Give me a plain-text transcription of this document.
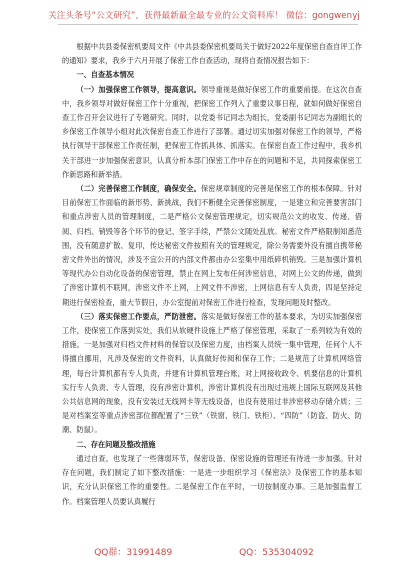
关注头条号“公文研究”，获得最新最全最专业的公文资料库！ 微信：gongwenyj

根据中共县委保密机要局文件《中共县委保密机要局关于做好2022年度保密自查自评工作的通知》要求，我乡于六月开展了保密工作自查活动，现将自查情况报告如下：

一、自查基本情况

（一）加强保密工作领导，提高意识。领导重视是做好保密工作的重要前提。在这次自查中，我乡领导对做好保密工作十分重视，把保密工作列入了重要议事日程，就如何做好保密自查工作召开会议进行了专题研究。同时，以党委书记同志为组长，党委副书记同志为副组长的乡保密工作领导小组对此次保密自查工作进行了部署。通过切实加强对保密工作的领导，严格执行领导干部保密工作责任制，把保密工作抓具体、抓落实。在保密自查工作过程中，我乡机关干部进一步加强保密意识，认真分析本部门保密工作中存在的问题和不足，共同探索保密工作新思路和新举措。

（二）完善保密工作制度，确保安全。保密规章制度的完善是保密工作的根本保障。针对目前保密工作面临的新形势、新挑战，我们不断健全完善保密制度，一是建立和完善要害部门和重点涉密人员的管理制度，二是严格公文保密管理规定，切实规范公文的收发、传递、借阅、归档、销毁等各个环节的登记、签字手续，严禁公文随处乱放。秘密文件严格限制知悉范围，没有随意扩散、复印，传达秘密文件按照有关的管理规定，除公务需要外没有擅自携带秘密文件外出的情况，涉及不宜公开的内部文件都由办公室集中用纸碎机销毁。三是加强计算机等现代办公自动化设备的保密管理，禁止在网上发布任何涉密信息，对网上公文的传递，做到了涉密计算机不联网，涉密文件不上网，上网文件不涉密，上网信息有专人负责，四是坚持定期进行保密检查，重大节假日，办公室提前对保密工作进行检查，发现问题及时整改。

（三）落实保密工作要点，严防泄密。落实是做好保密工作的基本要求，为切实加强保密工作，使保密工作落到实处，我们从软硬件设施上严格了保密管理，采取了一系列较为有效的措施。一是加强对归档文件材料的保管以及保密力度，由档案人员统一集中管理，任何个人不得擅自挪用，凡涉及保密的文件资料，认真做好传阅和保存工作；二是规范了计算机网络管理，每台计算机都有专人负责，并建有计算机管理台账，对上网接收政令、机要信息的计算机实行专人负责、专人管理，没有涉密计算机，涉密计算机没有出现过违规上国际互联网及其他公共信息网的现象，没有安装过无线网卡等无线设备，也没有使用过非涉密移动存储介质；三是对档案室等重点涉密部位都配置了“三铁”（铁窗、铁门、铁柜）、“四防”（防盗、防火、防潮、防鼠）。

二、存在问题及整改措施

通过自查，也发现了一些薄弱环节，保密设备、保密设施的管理还有待进一步加强。针对存在问题，我们制定了如下整改措施：一是进一步组织学习《保密法》及保密工作的基本知识，充分认识保密工作的重要性。二是保密工作在平时，一切按制度办事。三是加强监督工作。档案管理人员要认真履行

QQ群：31991489	QQ：535304092
